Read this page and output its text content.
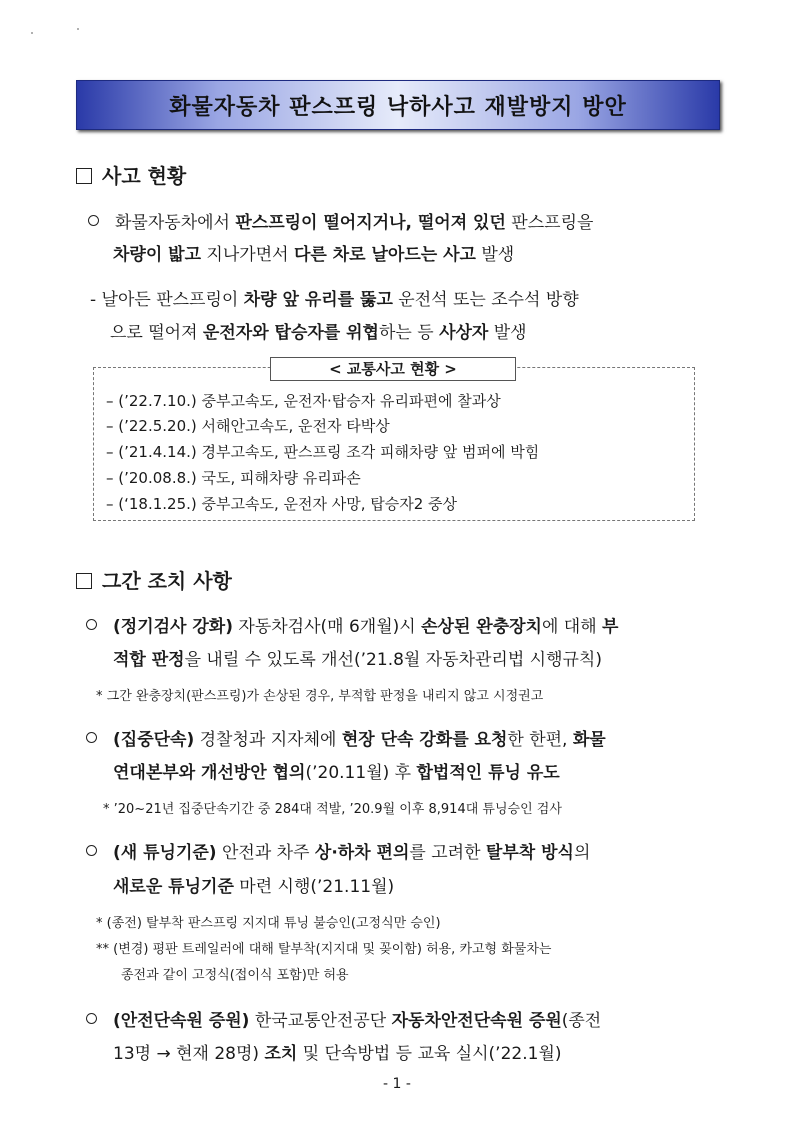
화물자동차 판스프링 낙하사고 재발방지 방안
사고 현황
화물자동차에서 판스프링이 떨어지거나, 떨어져 있던 판스프링을
차량이 밟고 지나가면서 다른 차로 날아드는 사고 발생
- 날아든 판스프링이 차량 앞 유리를 뚫고 운전석 또는 조수석 방향
으로 떨어져 운전자와 탑승자를 위협하는 등 사상자 발생
< 교통사고 현황 >
– (’22.7.10.) 중부고속도, 운전자·탑승자 유리파편에 찰과상
– (’22.5.20.) 서해안고속도, 운전자 타박상
– (’21.4.14.) 경부고속도, 판스프링 조각 피해차량 앞 범퍼에 박힘
– (’20.08.8.) 국도, 피해차량 유리파손
– (‘18.1.25.) 중부고속도, 운전자 사망, 탑승자2 중상
그간 조치 사항
(정기검사 강화) 자동차검사(매 6개월)시 손상된 완충장치에 대해 부
적합 판정을 내릴 수 있도록 개선(’21.8월 자동차관리법 시행규칙)
* 그간 완충장치(판스프링)가 손상된 경우, 부적합 판정을 내리지 않고 시정권고
(집중단속) 경찰청과 지자체에 현장 단속 강화를 요청한 한편, 화물
연대본부와 개선방안 협의(’20.11월) 후 합법적인 튜닝 유도
* ’20~21년 집중단속기간 중 284대 적발, ’20.9월 이후 8,914대 튜닝승인 검사
(새 튜닝기준) 안전과 차주 상·하차 편의를 고려한 탈부착 방식의
새로운 튜닝기준 마련 시행(’21.11월)
* (종전) 탈부착 판스프링 지지대 튜닝 불승인(고정식만 승인)
** (변경) 평판 트레일러에 대해 탈부착(지지대 및 꽂이함) 허용, 카고형 화물차는
종전과 같이 고정식(접이식 포함)만 허용
(안전단속원 증원) 한국교통안전공단 자동차안전단속원 증원(종전
13명 → 현재 28명) 조치 및 단속방법 등 교육 실시(’22.1월)
- 1 -
